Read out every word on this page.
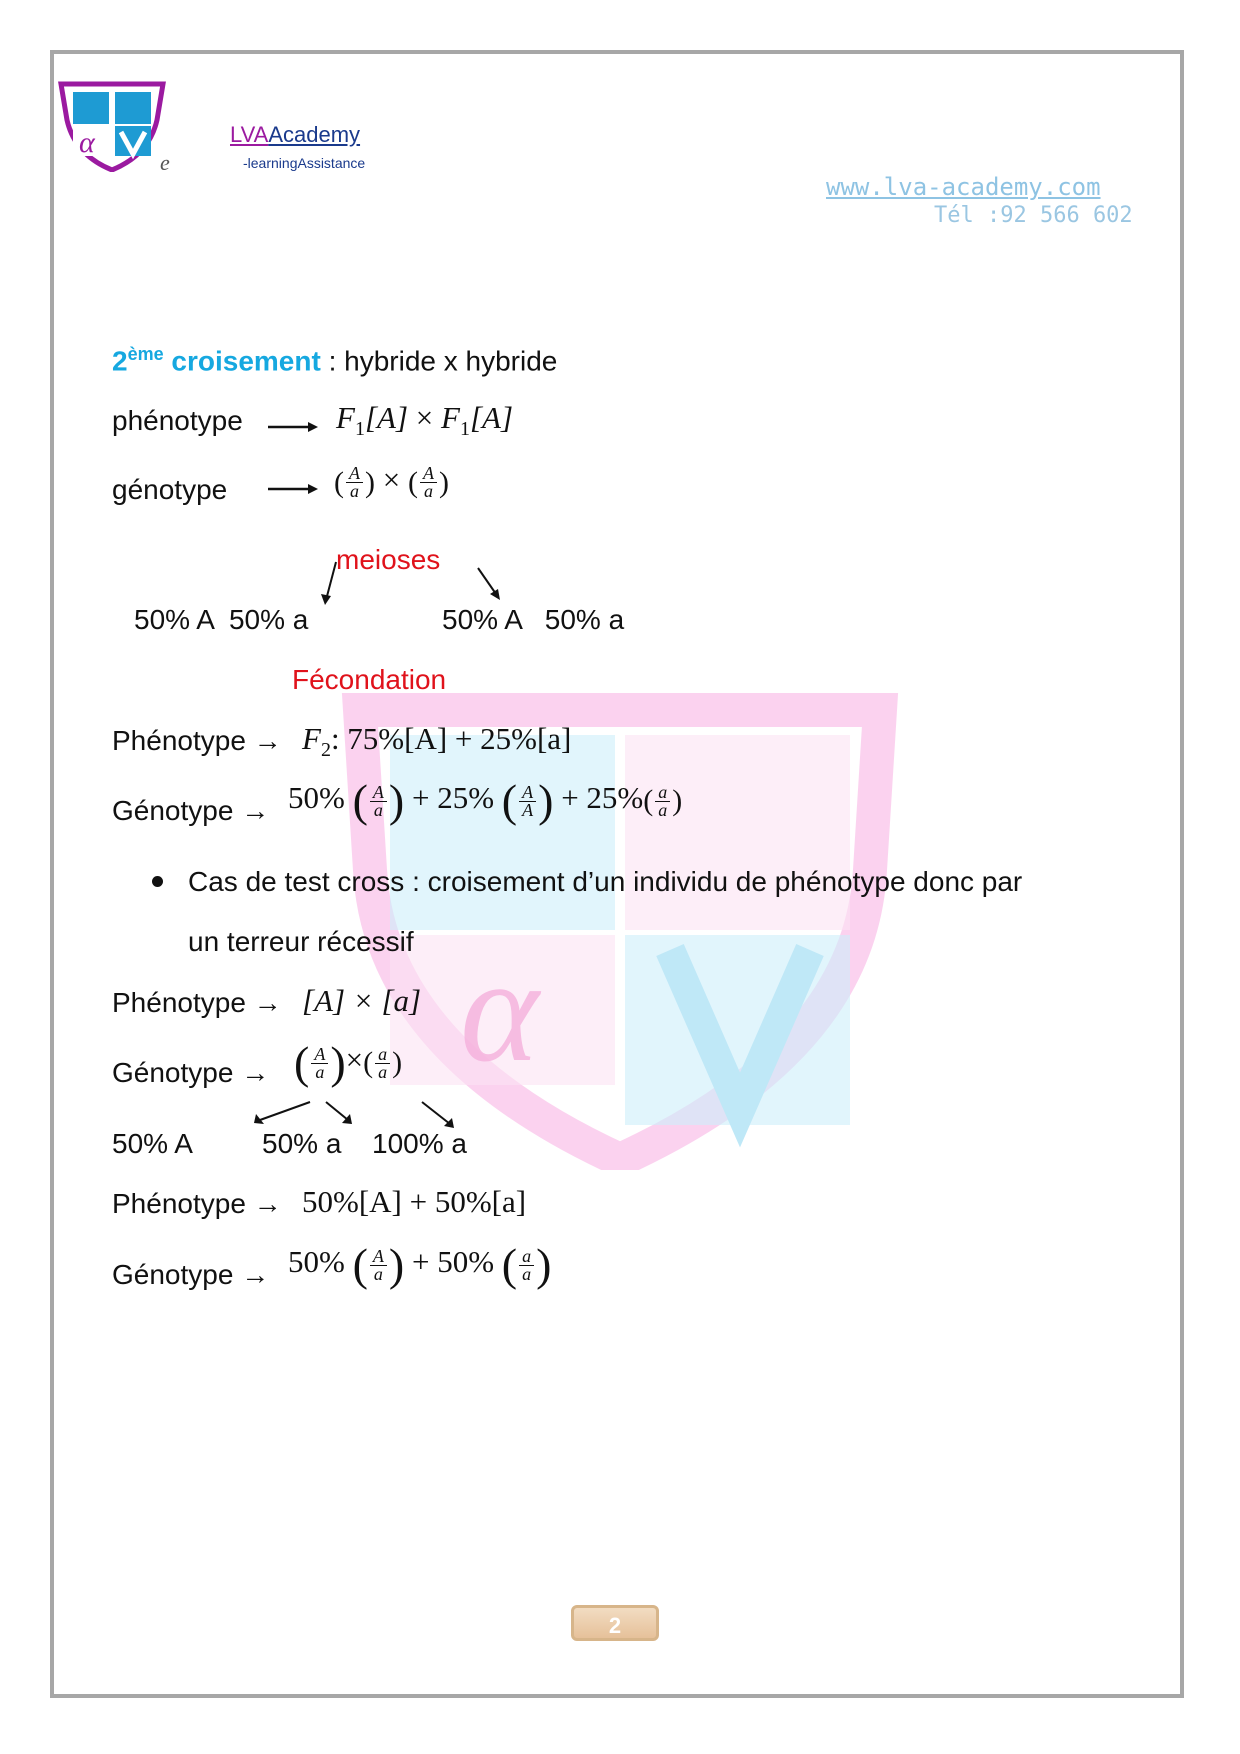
α
α
e
LVAAcademy
-learningAssistance
www.lva-academy.com
Tél :92 566 602
2ème croisement : hybride x hybride
phénotype	$F_1[A] \times F_1[A]$
génotype	( $\frac{A}{a}$ ) × ( $\frac{A}{a}$ )
meioses
50% A  50% a	50% A   50% a
Fécondation
Phénotype → $F_2$: 75%[A] + 25%[a]
Génotype → 50% ( $\frac{A}{a}$ ) + 25% ( $\frac{A}{A}$ ) + $25\%( \frac{a}{a}$ )
Cas de test cross : croisement d’un individu de phénotype donc par
un terreur récessif
Phénotype → [A] × [a]
Génotype → ( $\frac{A}{a}$ )×( $\frac{a}{a}$ )
50% A 50% a 100% a
Phénotype → 50%[A] + 50%[a]
Génotype → 50% ( $\frac{A}{a}$ ) + 50% ( $\frac{a}{a}$ )
2
